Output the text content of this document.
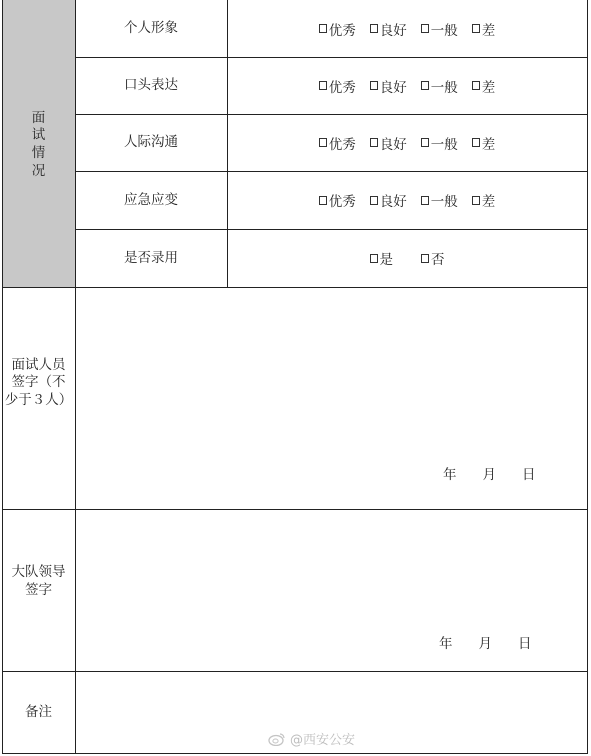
面
试
情
况
个人形象	优秀 良好 一般 差
口头表达	优秀 良好 一般 差
人际沟通	优秀 良好 一般 差
应急应变	优秀 良好 一般 差
是否录用	是	否
面试人员
签字（不
少于３人）
年 月 日
大队领导
签字
年 月 日
备注
@西安公安
